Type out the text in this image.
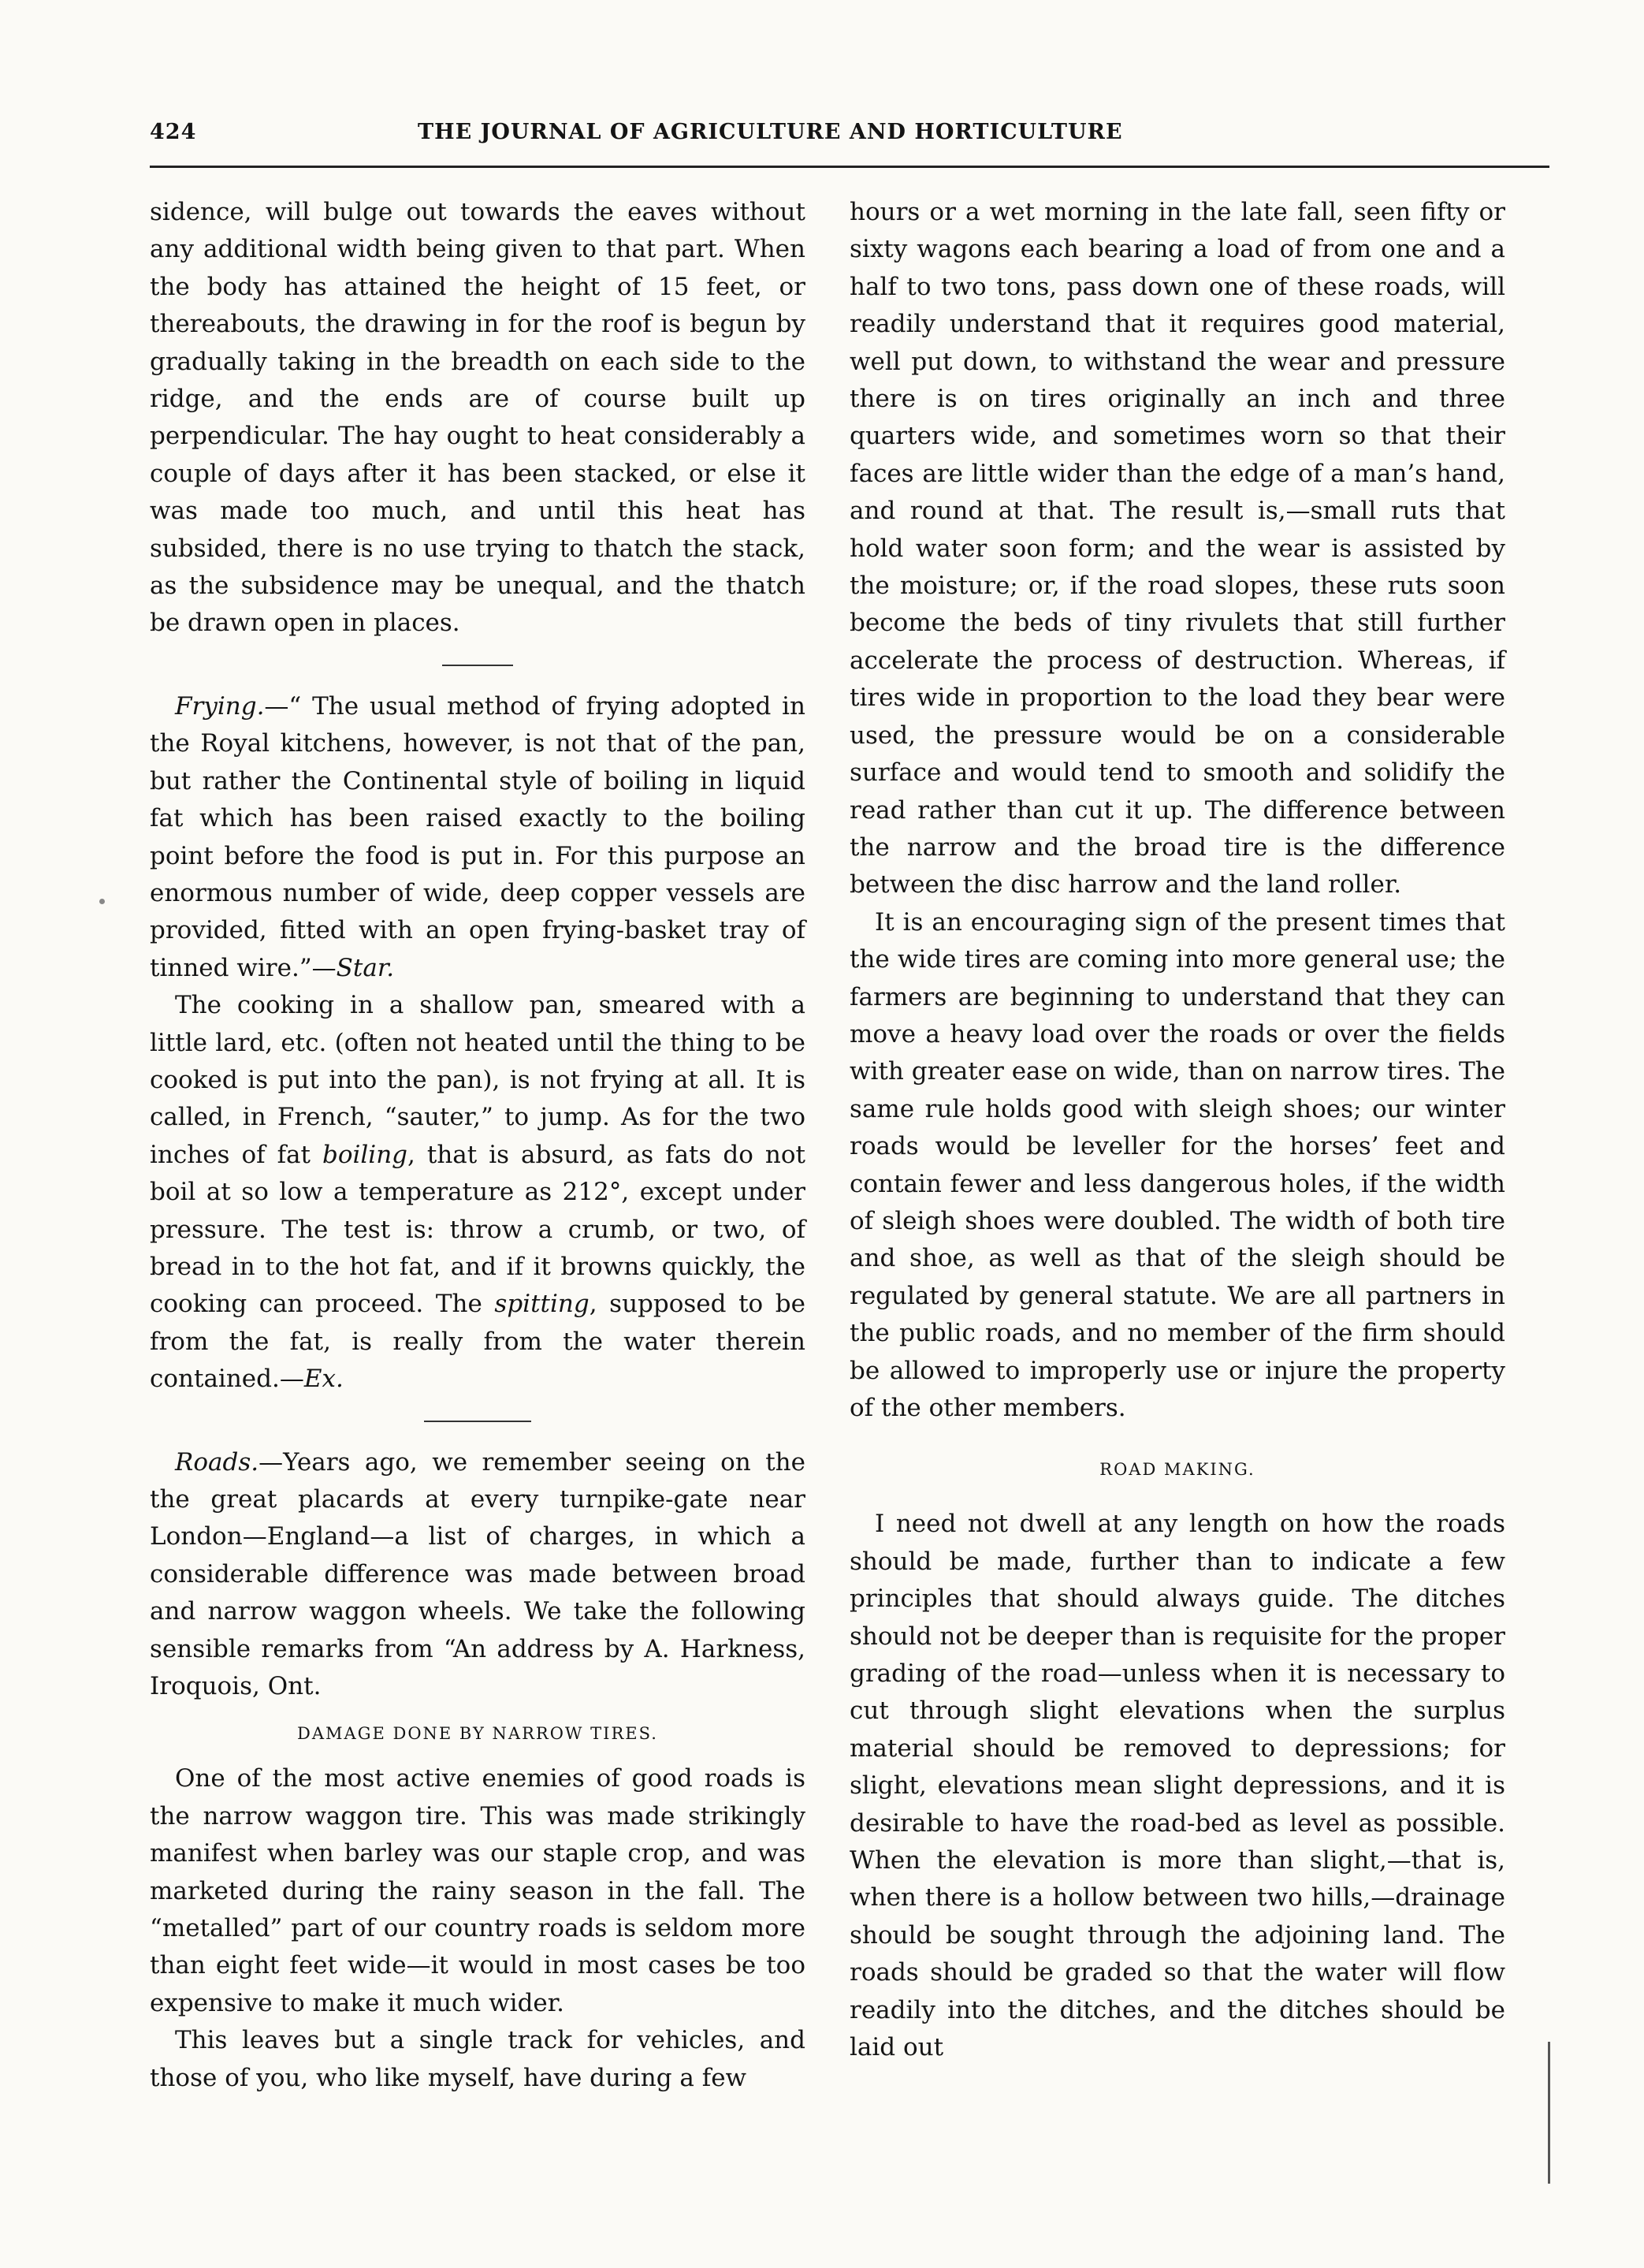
424	THE JOURNAL OF AGRICULTURE AND HORTICULTURE

sidence, will bulge out towards the eaves without any additional width being given to that part. When the body has attained the height of 15 feet, or thereabouts, the drawing in for the roof is begun by gradually taking in the breadth on each side to the ridge, and the ends are of course built up perpendicular. The hay ought to heat considerably a couple of days after it has been stacked, or else it was made too much, and until this heat has subsided, there is no use trying to thatch the stack, as the subsidence may be unequal, and the thatch be drawn open in places.

Frying.—“ The usual method of frying adopted in the Royal kitchens, however, is not that of the pan, but rather the Continental style of boiling in liquid fat which has been raised exactly to the boiling point before the food is put in. For this purpose an enormous number of wide, deep copper vessels are provided, fitted with an open frying-basket tray of tinned wire.”—Star.

The cooking in a shallow pan, smeared with a little lard, etc. (often not heated until the thing to be cooked is put into the pan), is not frying at all. It is called, in French, “sauter,” to jump. As for the two inches of fat boiling, that is absurd, as fats do not boil at so low a temperature as 212°, except under pressure. The test is: throw a crumb, or two, of bread in to the hot fat, and if it browns quickly, the cooking can proceed. The spitting, supposed to be from the fat, is really from the water therein contained.—Ex.

Roads.—Years ago, we remember seeing on the the great placards at every turnpike-gate near London—England—a list of charges, in which a considerable difference was made between broad and narrow waggon wheels. We take the following sensible remarks from “An address by A. Harkness, Iroquois, Ont.

DAMAGE DONE BY NARROW TIRES.

One of the most active enemies of good roads is the narrow waggon tire. This was made strikingly manifest when barley was our staple crop, and was marketed during the rainy season in the fall. The “metalled” part of our country roads is seldom more than eight feet wide—it would in most cases be too expensive to make it much wider.

This leaves but a single track for vehicles, and those of you, who like myself, have during a few

hours or a wet morning in the late fall, seen fifty or sixty wagons each bearing a load of from one and a half to two tons, pass down one of these roads, will readily understand that it requires good material, well put down, to withstand the wear and pressure there is on tires originally an inch and three quarters wide, and sometimes worn so that their faces are little wider than the edge of a man’s hand, and round at that. The result is,—small ruts that hold water soon form; and the wear is assisted by the moisture; or, if the road slopes, these ruts soon become the beds of tiny rivulets that still further accelerate the process of destruction. Whereas, if tires wide in proportion to the load they bear were used, the pressure would be on a considerable surface and would tend to smooth and solidify the read rather than cut it up. The difference between the narrow and the broad tire is the difference between the disc harrow and the land roller.

It is an encouraging sign of the present times that the wide tires are coming into more general use; the farmers are beginning to understand that they can move a heavy load over the roads or over the fields with greater ease on wide, than on narrow tires. The same rule holds good with sleigh shoes; our winter roads would be leveller for the horses’ feet and contain fewer and less dangerous holes, if the width of sleigh shoes were doubled. The width of both tire and shoe, as well as that of the sleigh should be regulated by general statute. We are all partners in the public roads, and no member of the firm should be allowed to improperly use or injure the property of the other members.

ROAD MAKING.

I need not dwell at any length on how the roads should be made, further than to indicate a few principles that should always guide. The ditches should not be deeper than is requisite for the proper grading of the road—unless when it is necessary to cut through slight elevations when the surplus material should be removed to depressions; for slight, elevations mean slight depressions, and it is desirable to have the road-bed as level as possible. When the elevation is more than slight,—that is, when there is a hollow between two hills,—drainage should be sought through the adjoining land. The roads should be graded so that the water will flow readily into the ditches, and the ditches should be laid out
